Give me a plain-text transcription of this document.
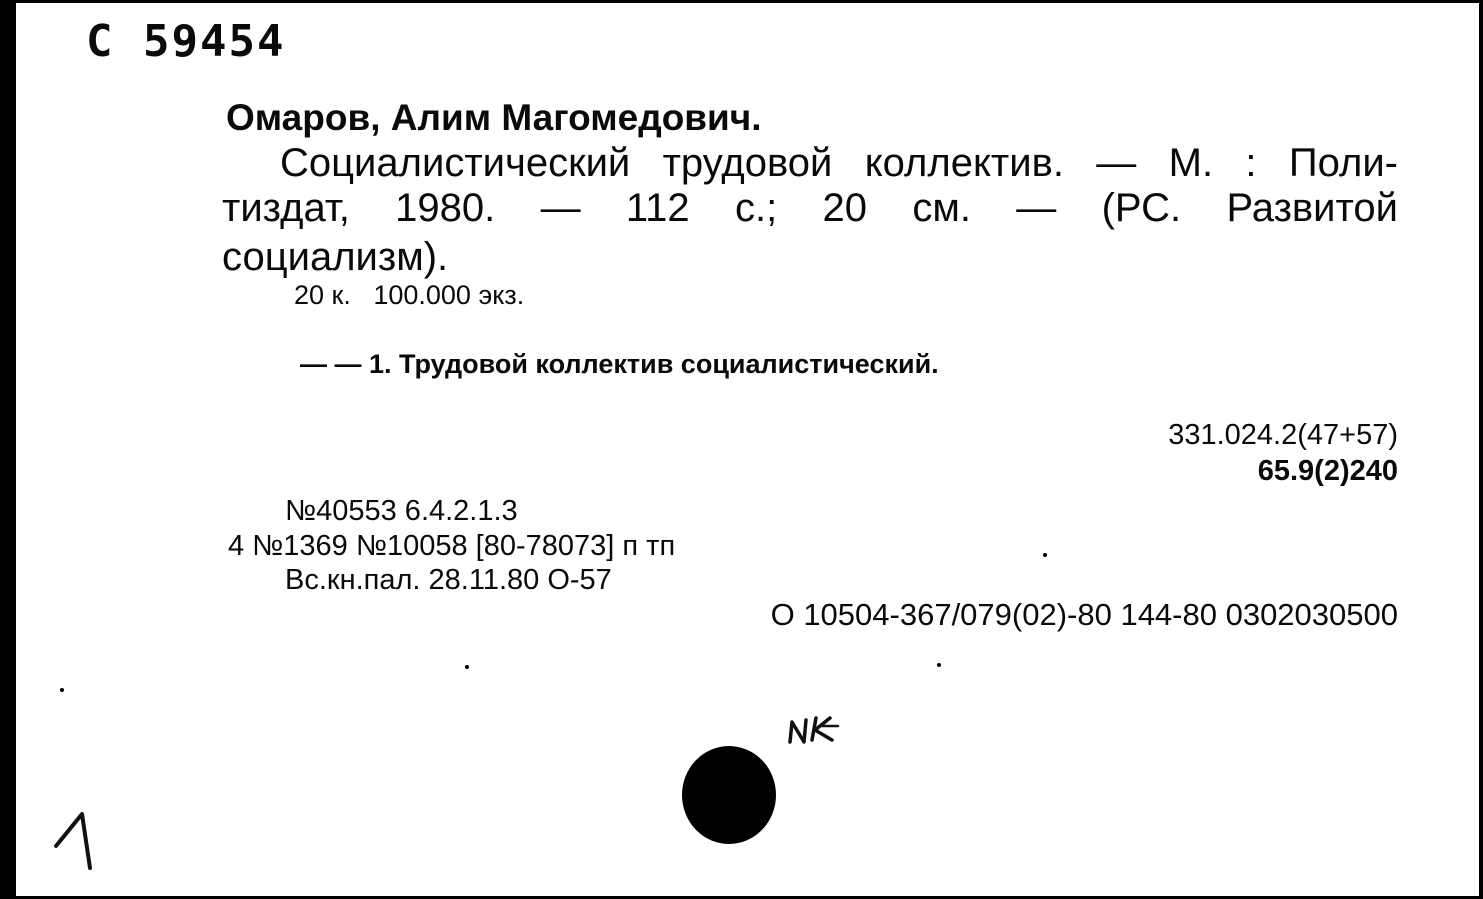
C 59454
Омаров, Алим Магомедович.
Социалистический трудовой коллектив. — М. : Поли-
тиздат, 1980. — 112 с.; 20 см. — (РС. Развитой
социализм).
20 к.   100.000 экз.
— — 1. Трудовой коллектив социалистический.
331.024.2(47+57)
65.9(2)240
№40553 6.4.2.1.3
4 №1369 №10058 [80-78073] п тп
Вс.кн.пал. 28.11.80 О-57
О 10504-367/079(02)-80 144-80 0302030500
